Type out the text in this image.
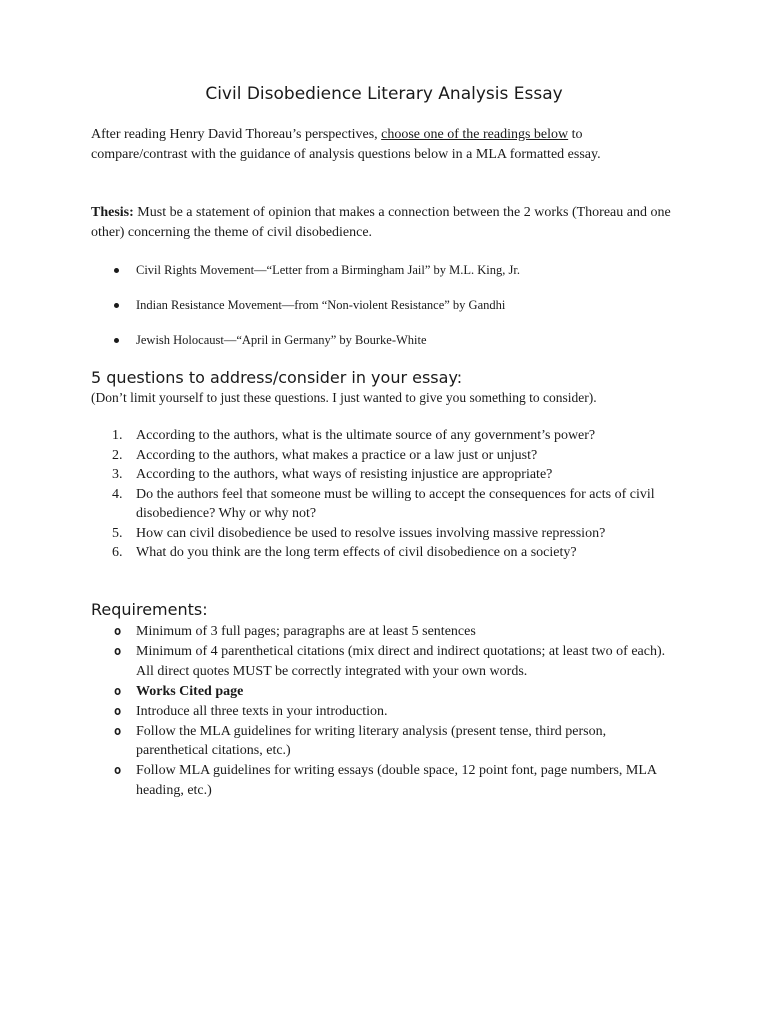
Civil Disobedience Literary Analysis Essay

After reading Henry David Thoreau’s perspectives, choose one of the readings below to compare/contrast with the guidance of analysis questions below in a MLA formatted essay.

Thesis: Must be a statement of opinion that makes a connection between the 2 works (Thoreau and one other) concerning the theme of civil disobedience.

Civil Rights Movement—“Letter from a Birmingham Jail” by M.L. King, Jr.
Indian Resistance Movement—from “Non-violent Resistance” by Gandhi
Jewish Holocaust—“April in Germany” by Bourke-White
5 questions to address/consider in your essay:

(Don’t limit yourself to just these questions. I just wanted to give you something to consider).

1. According to the authors, what is the ultimate source of any government’s power?
2. According to the authors, what makes a practice or a law just or unjust?
3. According to the authors, what ways of resisting injustice are appropriate?
4. Do the authors feel that someone must be willing to accept the consequences for acts of civil disobedience? Why or why not?
5. How can civil disobedience be used to resolve issues involving massive repression?
6. What do you think are the long term effects of civil disobedience on a society?
Requirements:
o Minimum of 3 full pages; paragraphs are at least 5 sentences
o Minimum of 4 parenthetical citations (mix direct and indirect quotations; at least two of each). All direct quotes MUST be correctly integrated with your own words.
o Works Cited page
o Introduce all three texts in your introduction.
o Follow the MLA guidelines for writing literary analysis (present tense, third person, parenthetical citations, etc.)
o Follow MLA guidelines for writing essays (double space, 12 point font, page numbers, MLA heading, etc.)
